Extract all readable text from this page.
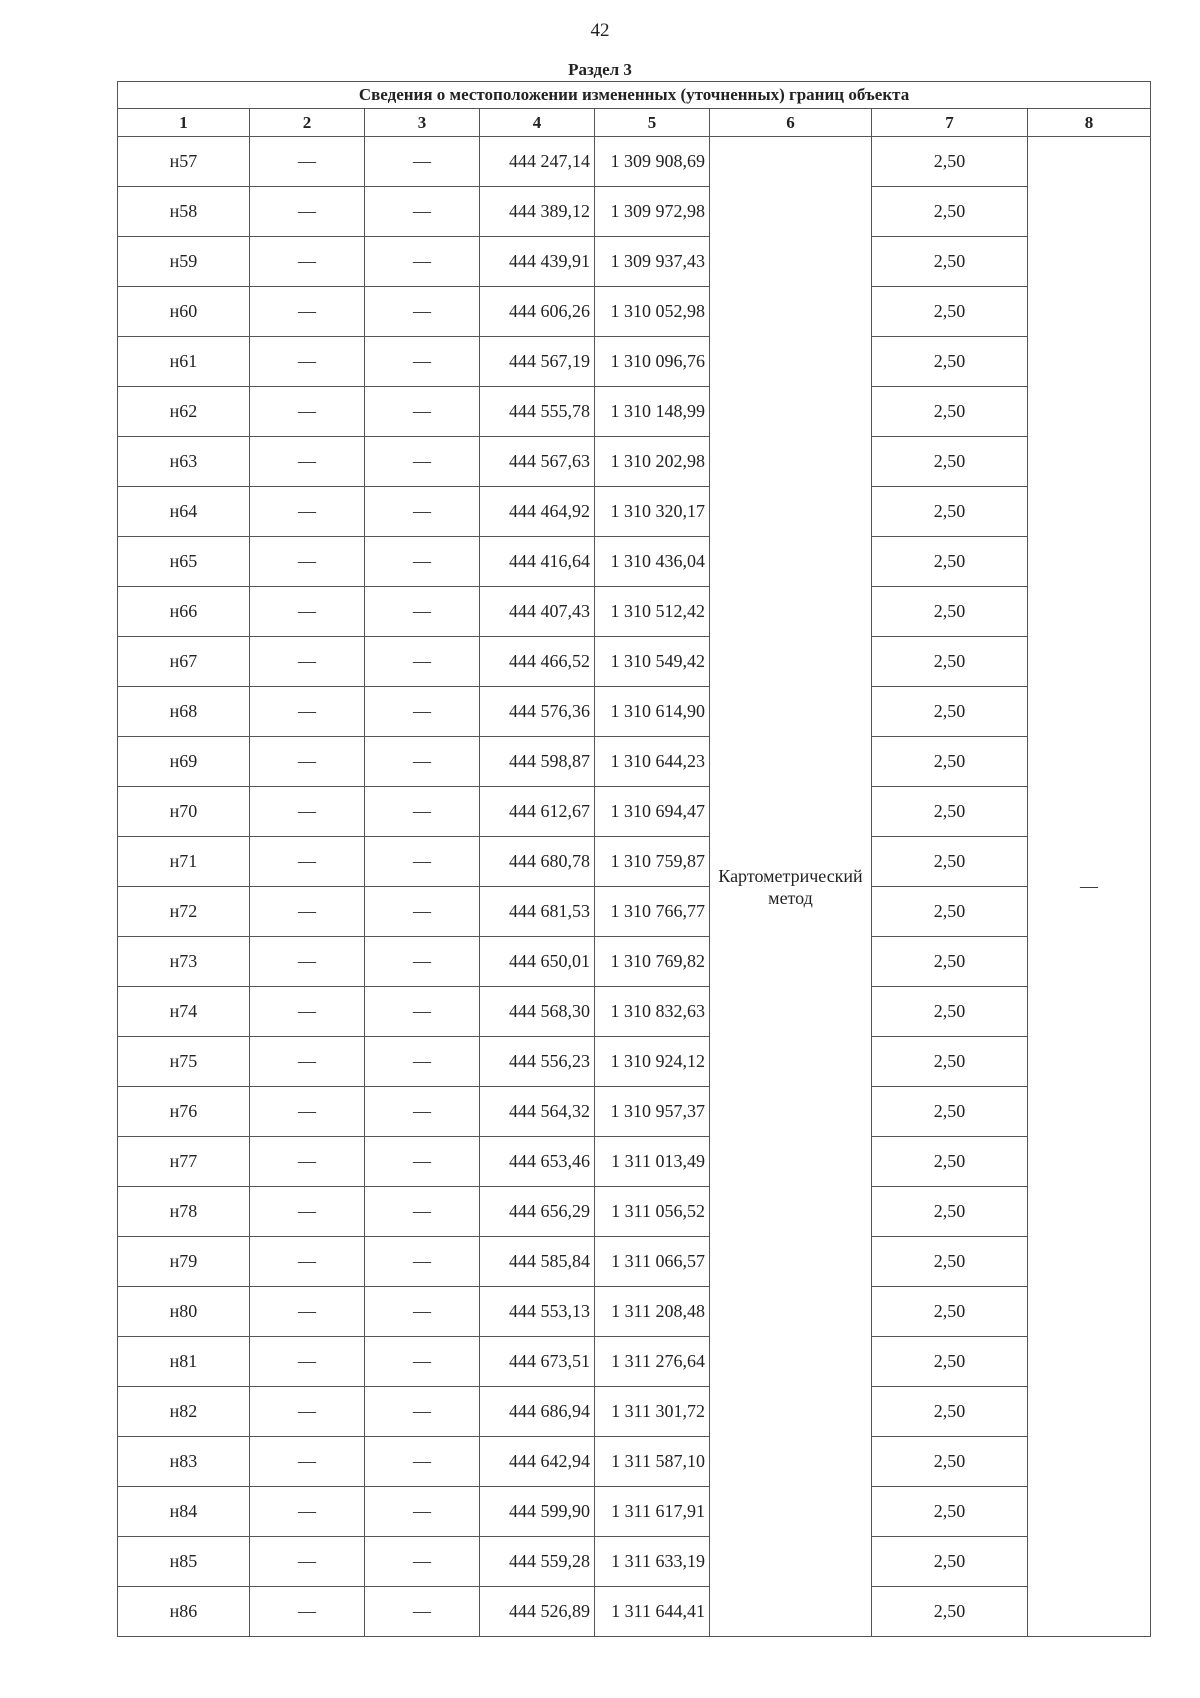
42
Раздел 3
Сведения о местоположении измененных (уточненных) границ объекта							
1	2	3	4	5	6	7	8
н57	—	—	444 247,14	1 309 908,69	Картометрический метод	2,50	—
н58	—	—	444 389,12	1 309 972,98		2,50	
н59	—	—	444 439,91	1 309 937,43		2,50	
н60	—	—	444 606,26	1 310 052,98		2,50	
н61	—	—	444 567,19	1 310 096,76		2,50	
н62	—	—	444 555,78	1 310 148,99		2,50	
н63	—	—	444 567,63	1 310 202,98		2,50	
н64	—	—	444 464,92	1 310 320,17		2,50	
н65	—	—	444 416,64	1 310 436,04		2,50	
н66	—	—	444 407,43	1 310 512,42		2,50	
н67	—	—	444 466,52	1 310 549,42		2,50	
н68	—	—	444 576,36	1 310 614,90		2,50	
н69	—	—	444 598,87	1 310 644,23		2,50	
н70	—	—	444 612,67	1 310 694,47		2,50	
н71	—	—	444 680,78	1 310 759,87		2,50	
н72	—	—	444 681,53	1 310 766,77		2,50	
н73	—	—	444 650,01	1 310 769,82		2,50	
н74	—	—	444 568,30	1 310 832,63		2,50	
н75	—	—	444 556,23	1 310 924,12		2,50	
н76	—	—	444 564,32	1 310 957,37		2,50	
н77	—	—	444 653,46	1 311 013,49		2,50	
н78	—	—	444 656,29	1 311 056,52		2,50	
н79	—	—	444 585,84	1 311 066,57		2,50	
н80	—	—	444 553,13	1 311 208,48		2,50	
н81	—	—	444 673,51	1 311 276,64		2,50	
н82	—	—	444 686,94	1 311 301,72		2,50	
н83	—	—	444 642,94	1 311 587,10		2,50	
н84	—	—	444 599,90	1 311 617,91		2,50	
н85	—	—	444 559,28	1 311 633,19		2,50	
н86	—	—	444 526,89	1 311 644,41		2,50	
